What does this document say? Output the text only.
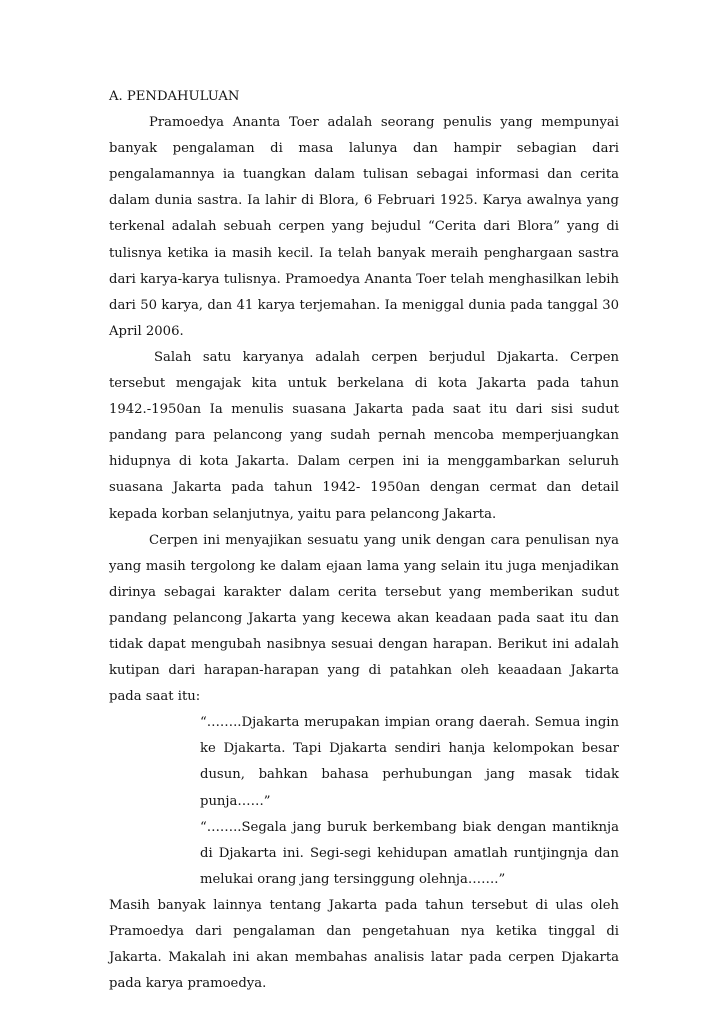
A. PENDAHULUAN

Pramoedya Ananta Toer adalah seorang penulis yang mempunyai banyak pengalaman di masa lalunya dan hampir sebagian dari pengalamannya ia tuangkan dalam tulisan sebagai informasi dan cerita dalam dunia sastra. Ia lahir di Blora, 6 Februari 1925. Karya awalnya yang terkenal adalah sebuah cerpen yang bejudul “Cerita dari Blora” yang di tulisnya ketika ia masih kecil. Ia telah banyak meraih penghargaan sastra dari karya-karya tulisnya. Pramoedya Ananta Toer telah menghasilkan lebih dari 50 karya, dan 41 karya terjemahan. Ia meniggal dunia pada tanggal 30 April 2006.

Salah satu karyanya adalah cerpen berjudul Djakarta. Cerpen tersebut mengajak kita untuk berkelana di kota Jakarta pada tahun 1942.-1950an Ia menulis suasana Jakarta pada saat itu dari sisi sudut pandang para pelancong yang sudah pernah mencoba memperjuangkan hidupnya di kota Jakarta. Dalam cerpen ini ia menggambarkan seluruh suasana Jakarta pada tahun 1942- 1950an dengan cermat dan detail kepada korban selanjutnya, yaitu para pelancong Jakarta.

Cerpen ini menyajikan sesuatu yang unik dengan cara penulisan nya yang masih tergolong ke dalam ejaan lama yang selain itu juga menjadikan dirinya sebagai karakter dalam cerita tersebut yang memberikan sudut pandang pelancong Jakarta yang kecewa akan keadaan pada saat itu dan tidak dapat mengubah nasibnya sesuai dengan harapan. Berikut ini adalah kutipan dari harapan-harapan yang di patahkan oleh keaadaan Jakarta pada saat itu:

“……..Djakarta merupakan impian orang daerah. Semua ingin ke Djakarta. Tapi Djakarta sendiri hanja kelompokan besar dusun, bahkan bahasa perhubungan jang masak tidak punja……”

“……..Segala jang buruk berkembang biak dengan mantiknja di Djakarta ini. Segi-segi kehidupan amatlah runtjingnja dan melukai orang jang tersinggung olehnja…….”

Masih banyak lainnya tentang Jakarta pada tahun tersebut di ulas oleh Pramoedya dari pengalaman dan pengetahuan nya ketika tinggal di Jakarta. Makalah ini akan membahas analisis latar pada cerpen Djakarta pada karya pramoedya.
